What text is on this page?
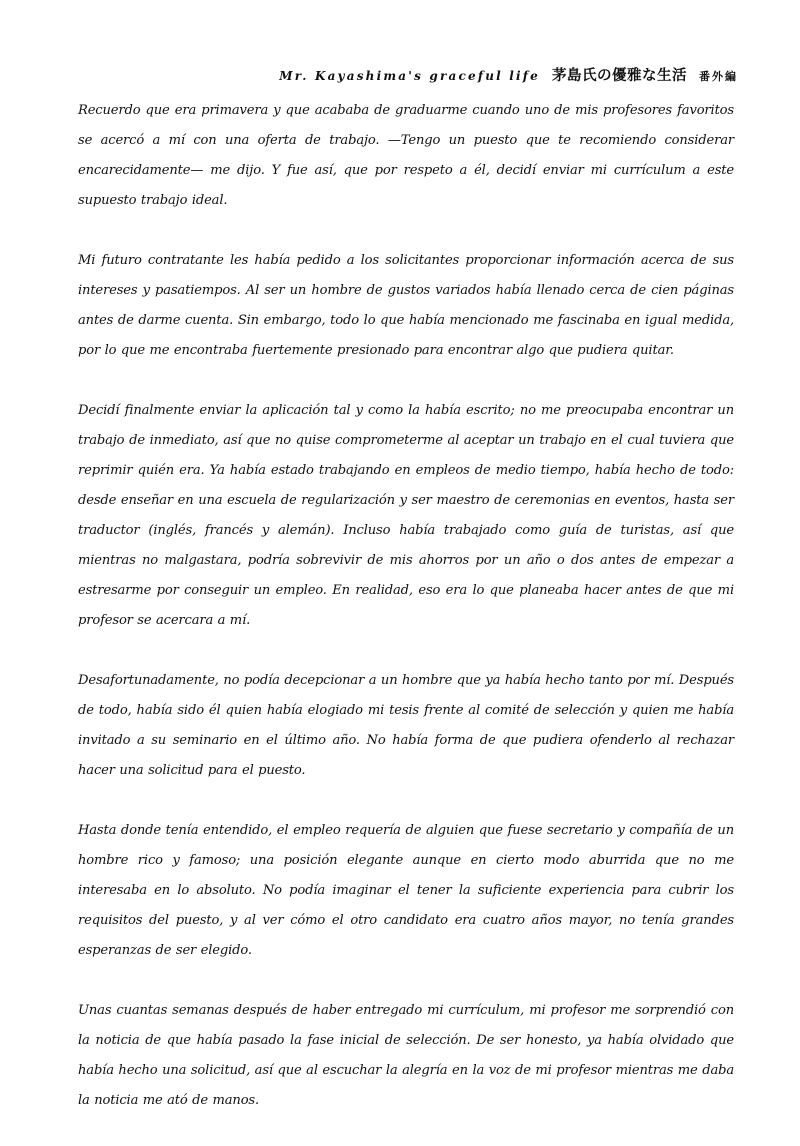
Mr. Kayashima's graceful life 茅島氏の優雅な生活 番外編

Recuerdo que era primavera y que acababa de graduarme cuando uno de mis profesores favoritos se acercó a mí con una oferta de trabajo. —Tengo un puesto que te recomiendo considerar encarecidamente— me dijo. Y fue así, que por respeto a él, decidí enviar mi currículum a este supuesto trabajo ideal.

Mi futuro contratante les había pedido a los solicitantes proporcionar información acerca de sus intereses y pasatiempos. Al ser un hombre de gustos variados había llenado cerca de cien páginas antes de darme cuenta. Sin embargo, todo lo que había mencionado me fascinaba en igual medida, por lo que me encontraba fuertemente presionado para encontrar algo que pudiera quitar.

Decidí finalmente enviar la aplicación tal y como la había escrito; no me preocupaba encontrar un trabajo de inmediato, así que no quise comprometerme al aceptar un trabajo en el cual tuviera que reprimir quién era. Ya había estado trabajando en empleos de medio tiempo, había hecho de todo: desde enseñar en una escuela de regularización y ser maestro de ceremonias en eventos, hasta ser traductor (inglés, francés y alemán). Incluso había trabajado como guía de turistas, así que mientras no malgastara, podría sobrevivir de mis ahorros por un año o dos antes de empezar a estresarme por conseguir un empleo. En realidad, eso era lo que planeaba hacer antes de que mi profesor se acercara a mí.

Desafortunadamente, no podía decepcionar a un hombre que ya había hecho tanto por mí. Después de todo, había sido él quien había elogiado mi tesis frente al comité de selección y quien me había invitado a su seminario en el último año. No había forma de que pudiera ofenderlo al rechazar hacer una solicitud para el puesto.

Hasta donde tenía entendido, el empleo requería de alguien que fuese secretario y compañía de un hombre rico y famoso; una posición elegante aunque en cierto modo aburrida que no me interesaba en lo absoluto. No podía imaginar el tener la suficiente experiencia para cubrir los requisitos del puesto, y al ver cómo el otro candidato era cuatro años mayor, no tenía grandes esperanzas de ser elegido.

Unas cuantas semanas después de haber entregado mi currículum, mi profesor me sorprendió con la noticia de que había pasado la fase inicial de selección. De ser honesto, ya había olvidado que había hecho una solicitud, así que al escuchar la alegría en la voz de mi profesor mientras me daba la noticia me ató de manos.
